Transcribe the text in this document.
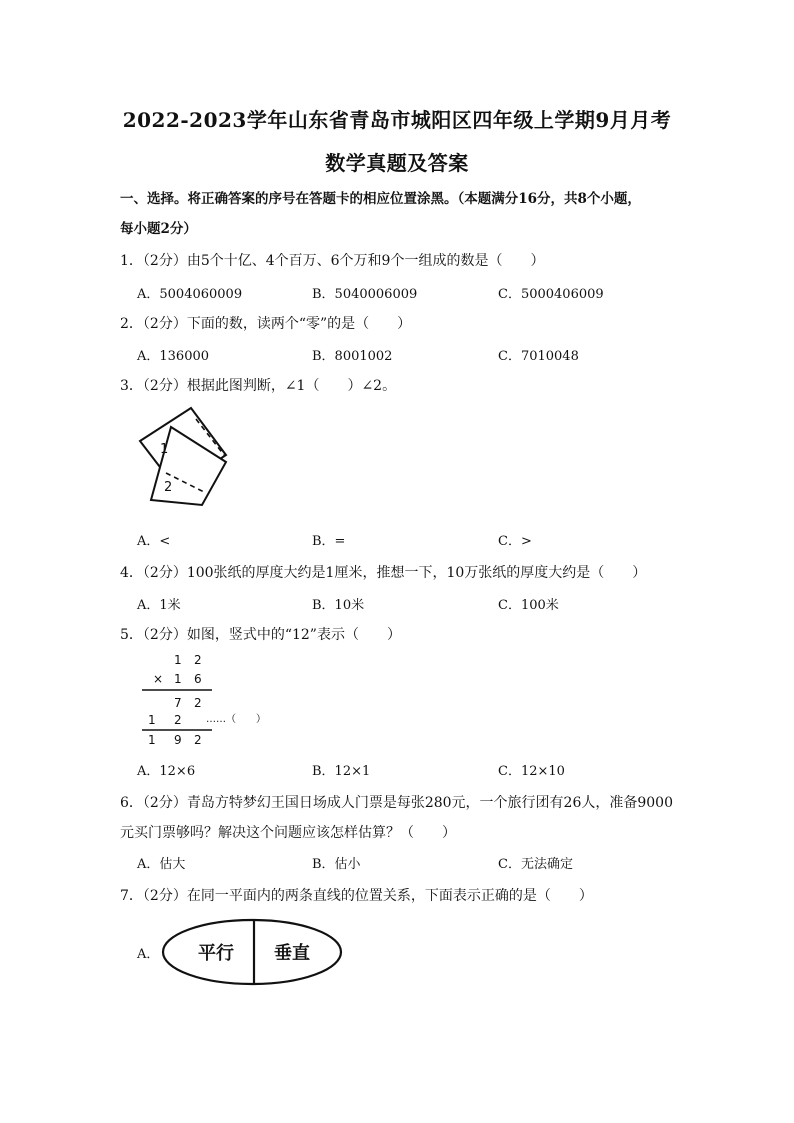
2022-2023学年山东省青岛市城阳区四年级上学期9月月考
数学真题及答案
一、选择。将正确答案的序号在答题卡的相应位置涂黑。（本题满分16分，共8个小题，
每小题2分）
1．（2分）由5个十亿、4个百万、6个万和9个一组成的数是（　　）
A．5004060009	B．5040006009	C．5000406009
2．（2分）下面的数，读两个“零”的是（　　）
A．136000	B．8001002	C．7010048
3．（2分）根据此图判断，∠1（　　）∠2。
1
2
A．<	B．=	C．>
4．（2分）100张纸的厚度大约是1厘米，推想一下，10万张纸的厚度大约是（　　）
A．1米	B．10米	C．100米
5．（2分）如图，竖式中的“12”表示（　　）
1 2
× 1 6
7 2
1 2 ……（　　）
1 9 2
A．12×6	B．12×1	C．12×10
6．（2分）青岛方特梦幻王国日场成人门票是每张280元，一个旅行团有26人，准备9000
元买门票够吗？解决这个问题应该怎样估算？（　　）
A．估大	B．估小	C．无法确定
7．（2分）在同一平面内的两条直线的位置关系，下面表示正确的是（　　）
A． 平行 垂直
